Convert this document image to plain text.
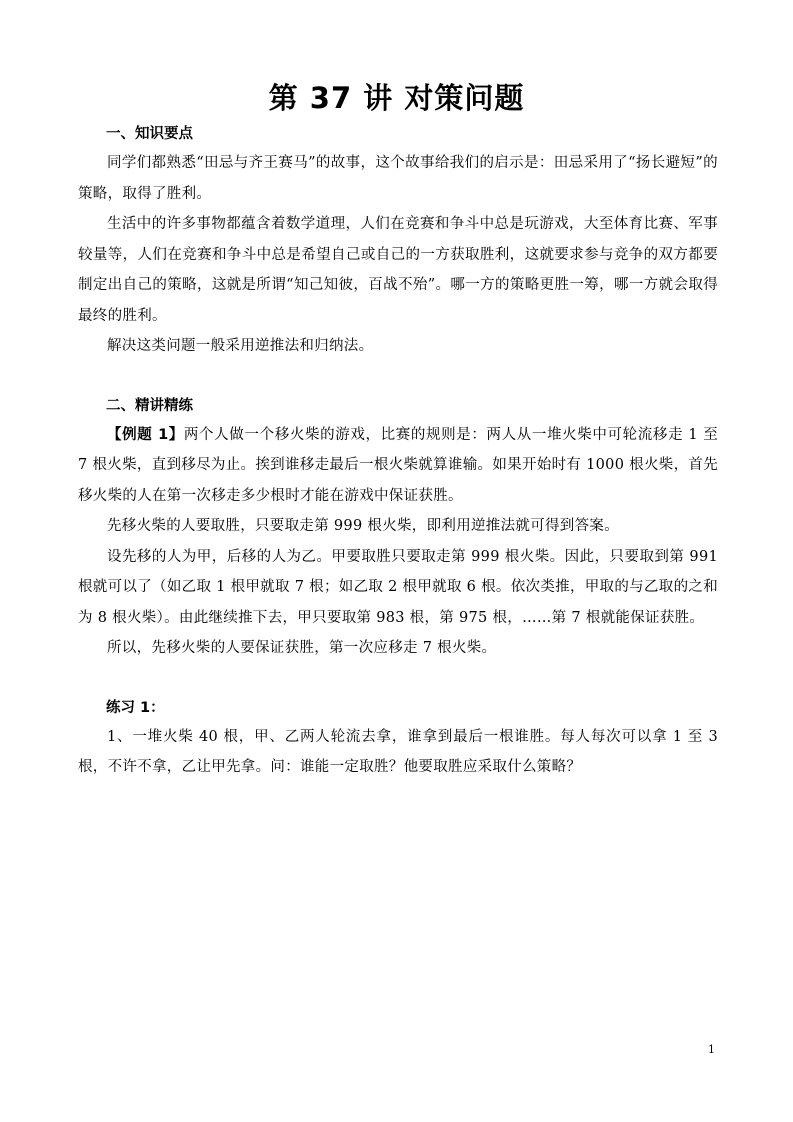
第 37 讲 对策问题

一、知识要点

同学们都熟悉“田忌与齐王赛马”的故事，这个故事给我们的启示是：田忌采用了“扬长避短”的策略，取得了胜利。

生活中的许多事物都蕴含着数学道理，人们在竞赛和争斗中总是玩游戏，大至体育比赛、军事较量等，人们在竞赛和争斗中总是希望自己或自己的一方获取胜利，这就要求参与竞争的双方都要制定出自己的策略，这就是所谓“知己知彼，百战不殆”。哪一方的策略更胜一筹，哪一方就会取得最终的胜利。

解决这类问题一般采用逆推法和归纳法。

二、精讲精练

【例题 1】两个人做一个移火柴的游戏，比赛的规则是：两人从一堆火柴中可轮流移走 1 至 7 根火柴，直到移尽为止。挨到谁移走最后一根火柴就算谁输。如果开始时有 1000 根火柴，首先移火柴的人在第一次移走多少根时才能在游戏中保证获胜。

先移火柴的人要取胜，只要取走第 999 根火柴，即利用逆推法就可得到答案。

设先移的人为甲，后移的人为乙。甲要取胜只要取走第 999 根火柴。因此，只要取到第 991 根就可以了（如乙取 1 根甲就取 7 根；如乙取 2 根甲就取 6 根。依次类推，甲取的与乙取的之和为 8 根火柴）。由此继续推下去，甲只要取第 983 根，第 975 根，……第 7 根就能保证获胜。

所以，先移火柴的人要保证获胜，第一次应移走 7 根火柴。

练习 1：

1、一堆火柴 40 根，甲、乙两人轮流去拿，谁拿到最后一根谁胜。每人每次可以拿 1 至 3 根，不许不拿，乙让甲先拿。问：谁能一定取胜？他要取胜应采取什么策略？

1
